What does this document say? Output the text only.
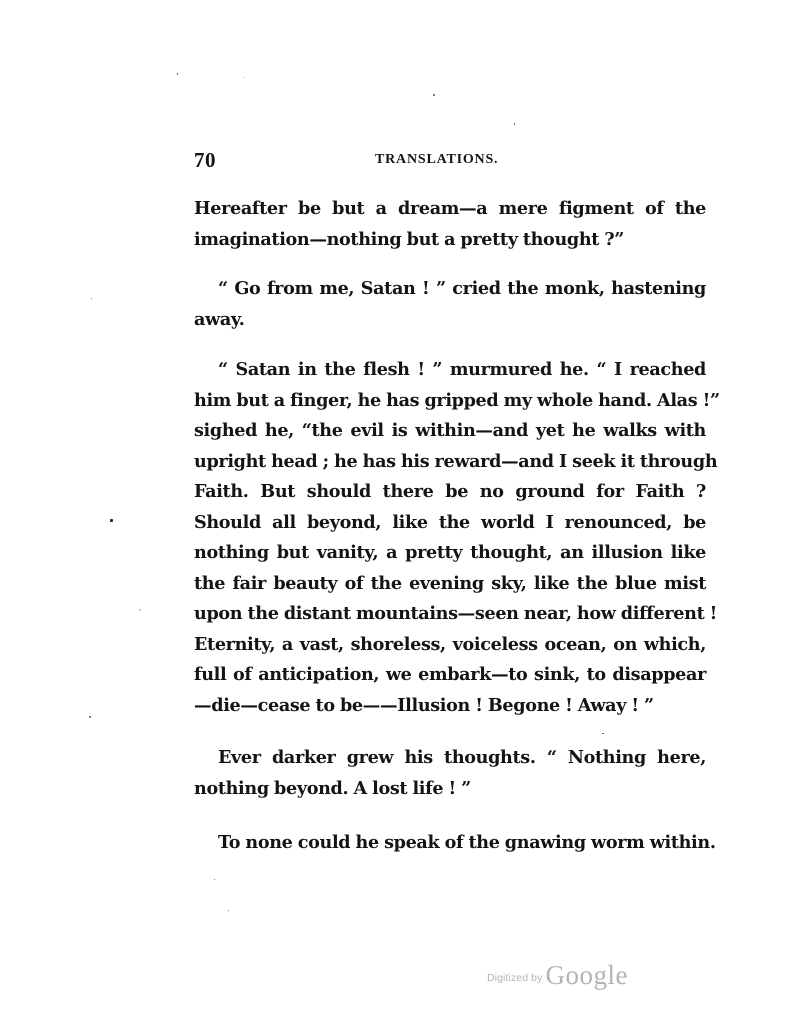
70	TRANSLATIONS.
Hereafter be but a dream—a mere figment of the
imagination—nothing but a pretty thought ?”
“ Go from me, Satan ! ” cried the monk, hastening
away.
“ Satan in the flesh ! ” murmured he. “ I reached
him but a finger, he has gripped my whole hand. Alas !”
sighed he, “the evil is within—and yet he walks with
upright head ; he has his reward—and I seek it through
Faith. But should there be no ground for Faith ?
Should all beyond, like the world I renounced, be
nothing but vanity, a pretty thought, an illusion like
the fair beauty of the evening sky, like the blue mist
upon the distant mountains—seen near, how different !
Eternity, a vast, shoreless, voiceless ocean, on which,
full of anticipation, we embark—to sink, to disappear
—die—cease to be——Illusion ! Begone ! Away ! ”
Ever darker grew his thoughts. “ Nothing here,
nothing beyond. A lost life ! ”
To none could he speak of the gnawing worm within.
Digitized by Google
